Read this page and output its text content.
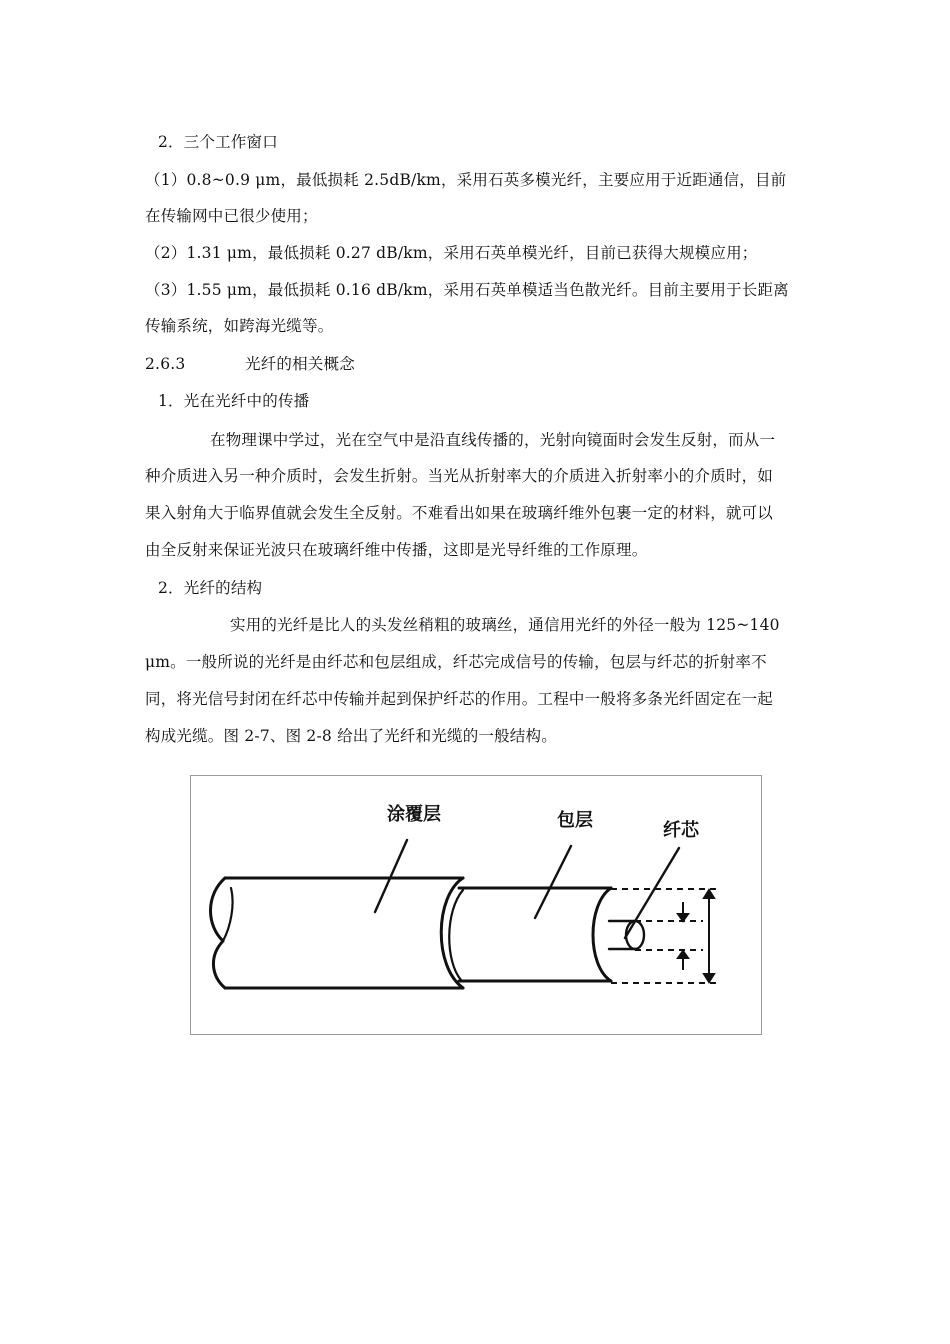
2．三个工作窗口
（1）0.8~0.9 μm，最低损耗 2.5dB/km，采用石英多模光纤，主要应用于近距通信，目前
在传输网中已很少使用；
（2）1.31 μm，最低损耗 0.27 dB/km，采用石英单模光纤，目前已获得大规模应用；
（3）1.55 μm，最低损耗 0.16 dB/km，采用石英单模适当色散光纤。目前主要用于长距离
传输系统，如跨海光缆等。
2.6.3	光纤的相关概念
1．光在光纤中的传播
在物理课中学过，光在空气中是沿直线传播的，光射向镜面时会发生反射，而从一
种介质进入另一种介质时，会发生折射。当光从折射率大的介质进入折射率小的介质时，如
果入射角大于临界值就会发生全反射。不难看出如果在玻璃纤维外包裹一定的材料，就可以
由全反射来保证光波只在玻璃纤维中传播，这即是光导纤维的工作原理。
2．光纤的结构
实用的光纤是比人的头发丝稍粗的玻璃丝，通信用光纤的外径一般为 125~140
μm。一般所说的光纤是由纤芯和包层组成，纤芯完成信号的传输，包层与纤芯的折射率不
同，将光信号封闭在纤芯中传输并起到保护纤芯的作用。工程中一般将多条光纤固定在一起
构成光缆。图 2-7、图 2-8 给出了光纤和光缆的一般结构。
涂覆层	包层	纤芯
